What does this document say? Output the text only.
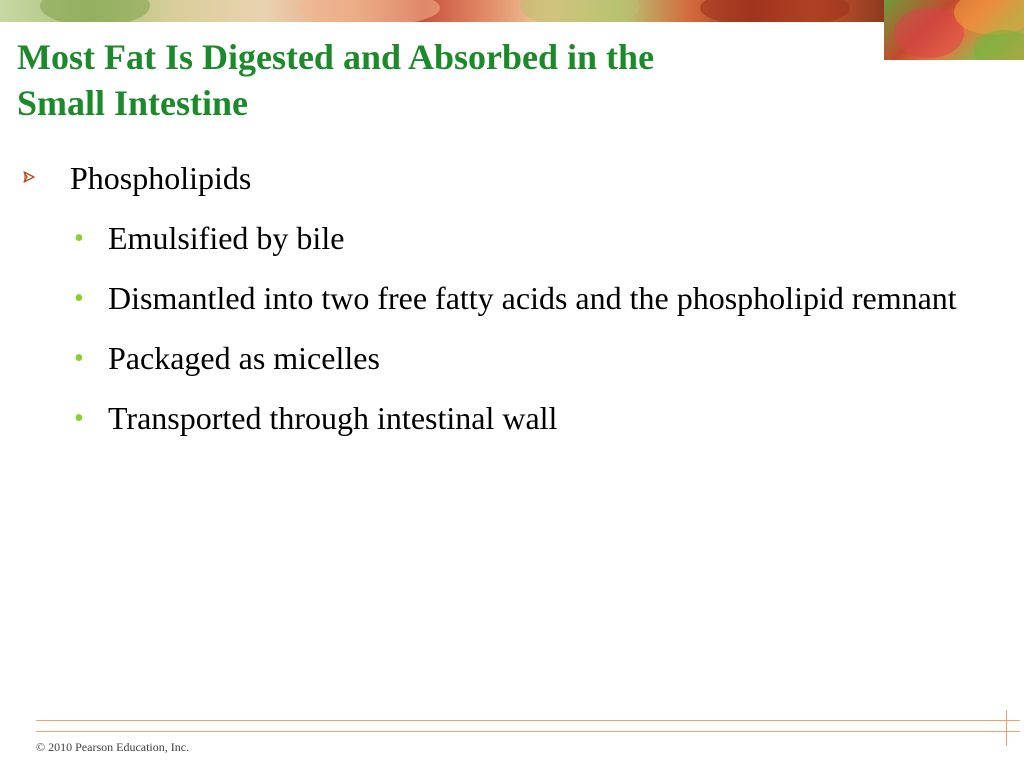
Most Fat Is Digested and Absorbed in the
Small Intestine
Phospholipids
• Emulsified by bile
• Dismantled into two free fatty acids and the phospholipid remnant
• Packaged as micelles
• Transported through intestinal wall
© 2010 Pearson Education, Inc.
